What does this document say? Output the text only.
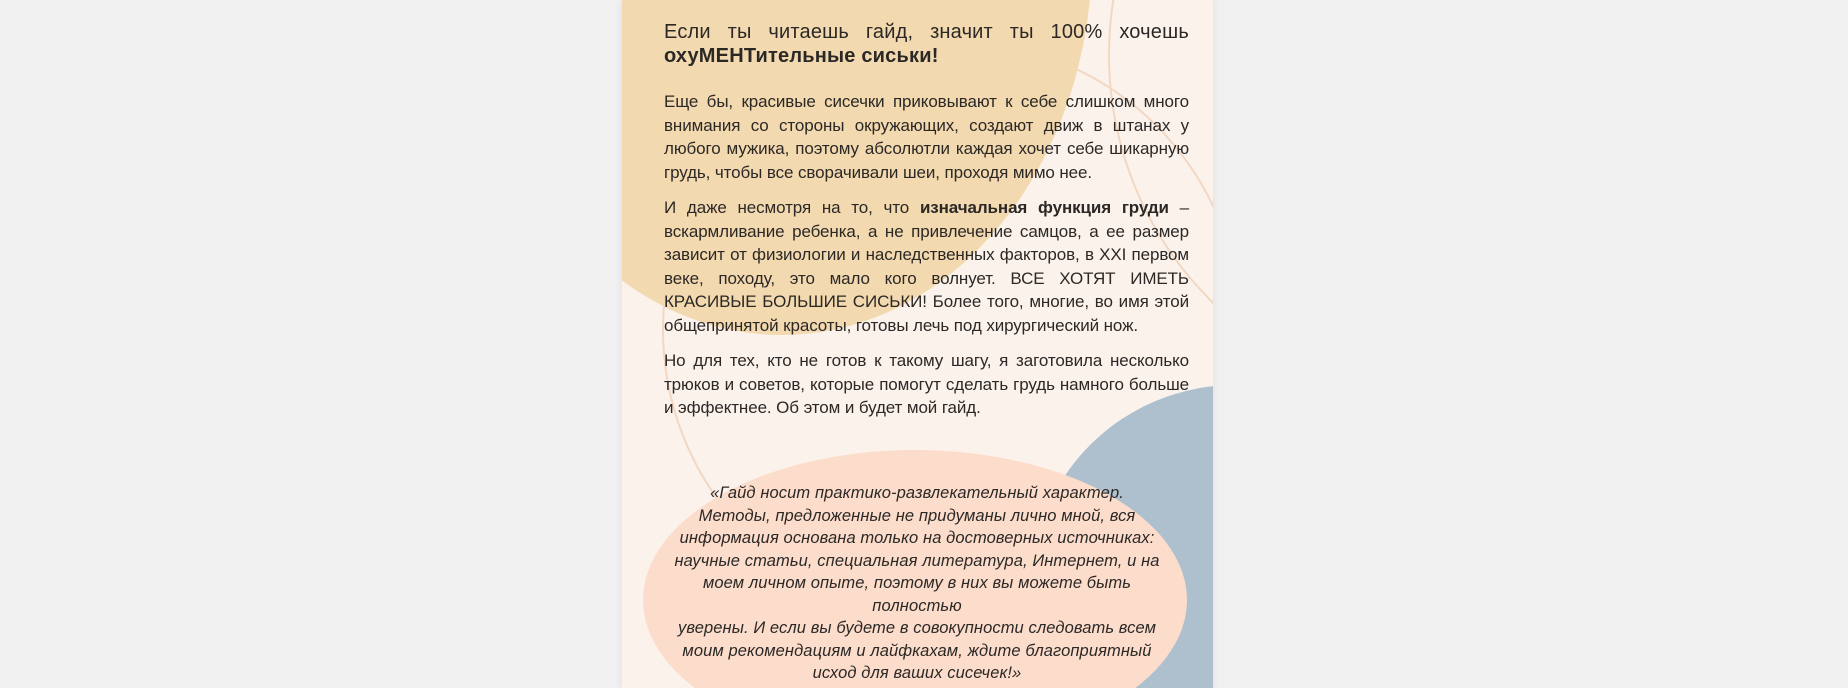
Если ты читаешь гайд, значит ты 100% хочешь
охуМЕНТительные сиськи!

Еще бы, красивые сисечки приковывают к себе слишком много внимания со стороны окружающих, создают движ в штанах у любого мужика, поэтому абсолютли каждая хочет себе шикарную грудь, чтобы все сворачивали шеи, проходя мимо нее.

И даже несмотря на то, что изначальная функция груди – вскармливание ребенка, а не привлечение самцов, а ее размер зависит от физиологии и наследственных факторов, в XXI первом веке, походу, это мало кого волнует. ВСЕ ХОТЯТ ИМЕТЬ КРАСИВЫЕ БОЛЬШИЕ СИСЬКИ! Более того, многие, во имя этой общепринятой красоты, готовы лечь под хирургический нож.

Но для тех, кто не готов к такому шагу, я заготовила несколько трюков и советов, которые помогут сделать грудь намного больше и эффектнее. Об этом и будет мой гайд.

«Гайд носит практико-развлекательный характер.
Методы, предложенные не придуманы лично мной, вся
информация основана только на достоверных источниках:
научные статьи, специальная литература, Интернет, и на
моем личном опыте, поэтому в них вы можете быть полностью
уверены. И если вы будете в совокупности следовать всем
моим рекомендациям и лайфкахам, ждите благоприятный
исход для ваших сисечек!»
